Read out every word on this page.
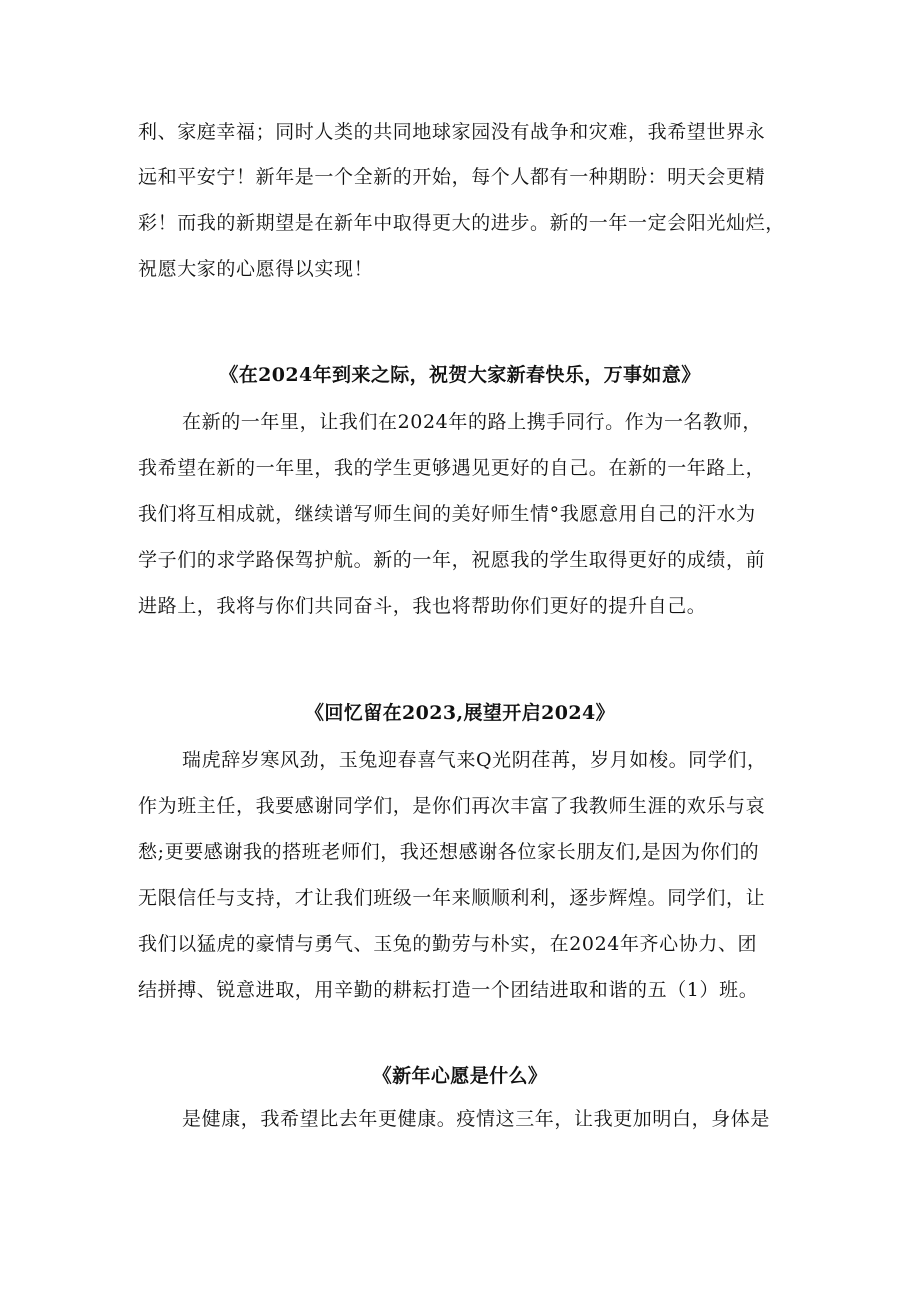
利、家庭幸福；同时人类的共同地球家园没有战争和灾难，我希望世界永
远和平安宁！新年是一个全新的开始，每个人都有一种期盼：明天会更精
彩！而我的新期望是在新年中取得更大的进步。新的一年一定会阳光灿烂，
祝愿大家的心愿得以实现！
《在2024年到来之际，祝贺大家新春快乐，万事如意》
在新的一年里，让我们在2024年的路上携手同行。作为一名教师，
我希望在新的一年里，我的学生更够遇见更好的自己。在新的一年路上，
我们将互相成就，继续谱写师生间的美好师生情°我愿意用自己的汗水为
学子们的求学路保驾护航。新的一年，祝愿我的学生取得更好的成绩，前
进路上，我将与你们共同奋斗，我也将帮助你们更好的提升自己。
《回忆留在2023,展望开启2024》
瑞虎辞岁寒风劲，玉兔迎春喜气来Q光阴荏苒，岁月如梭。同学们，
作为班主任，我要感谢同学们，是你们再次丰富了我教师生涯的欢乐与哀
愁;更要感谢我的搭班老师们，我还想感谢各位家长朋友们,是因为你们的
无限信任与支持，才让我们班级一年来顺顺利利，逐步辉煌。同学们，让
我们以猛虎的豪情与勇气、玉兔的勤劳与朴实，在2024年齐心协力、团
结拼搏、锐意进取，用辛勤的耕耘打造一个团结进取和谐的五（1）班。
《新年心愿是什么》
是健康，我希望比去年更健康。疫情这三年，让我更加明白，身体是
